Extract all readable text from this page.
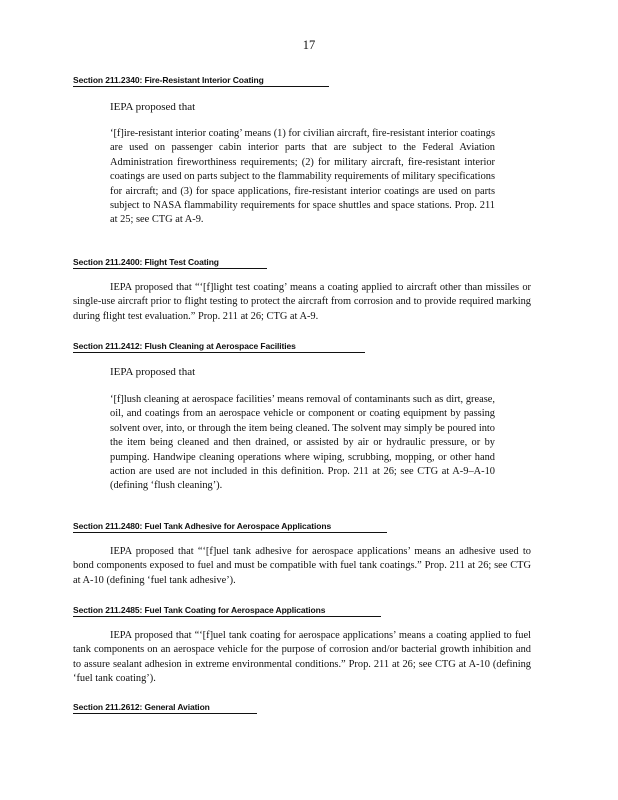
17
Section 211.2340: Fire-Resistant Interior Coating
IEPA proposed that

‘[f]ire-resistant interior coating’ means (1) for civilian aircraft, fire-resistant interior coatings are used on passenger cabin interior parts that are subject to the Federal Aviation Administration fireworthiness requirements; (2) for military aircraft, fire-resistant interior coatings are used on parts subject to the flammability requirements of military specifications for aircraft; and (3) for space applications, fire-resistant interior coatings are used on parts subject to NASA flammability requirements for space shuttles and space stations. Prop. 211 at 25; see CTG at A-9.

Section 211.2400: Flight Test Coating

IEPA proposed that “‘[f]light test coating’ means a coating applied to aircraft other than missiles or single-use aircraft prior to flight testing to protect the aircraft from corrosion and to provide required marking during flight test evaluation.” Prop. 211 at 26; CTG at A-9.

Section 211.2412: Flush Cleaning at Aerospace Facilities
IEPA proposed that

‘[f]lush cleaning at aerospace facilities’ means removal of contaminants such as dirt, grease, oil, and coatings from an aerospace vehicle or component or coating equipment by passing solvent over, into, or through the item being cleaned. The solvent may simply be poured into the item being cleaned and then drained, or assisted by air or hydraulic pressure, or by pumping. Handwipe cleaning operations where wiping, scrubbing, mopping, or other hand action are used are not included in this definition. Prop. 211 at 26; see CTG at A-9–A-10 (defining ‘flush cleaning’).

Section 211.2480: Fuel Tank Adhesive for Aerospace Applications

IEPA proposed that “‘[f]uel tank adhesive for aerospace applications’ means an adhesive used to bond components exposed to fuel and must be compatible with fuel tank coatings.” Prop. 211 at 26; see CTG at A-10 (defining ‘fuel tank adhesive’).

Section 211.2485: Fuel Tank Coating for Aerospace Applications

IEPA proposed that “‘[f]uel tank coating for aerospace applications’ means a coating applied to fuel tank components on an aerospace vehicle for the purpose of corrosion and/or bacterial growth inhibition and to assure sealant adhesion in extreme environmental conditions.” Prop. 211 at 26; see CTG at A-10 (defining ‘fuel tank coating’).

Section 211.2612: General Aviation
